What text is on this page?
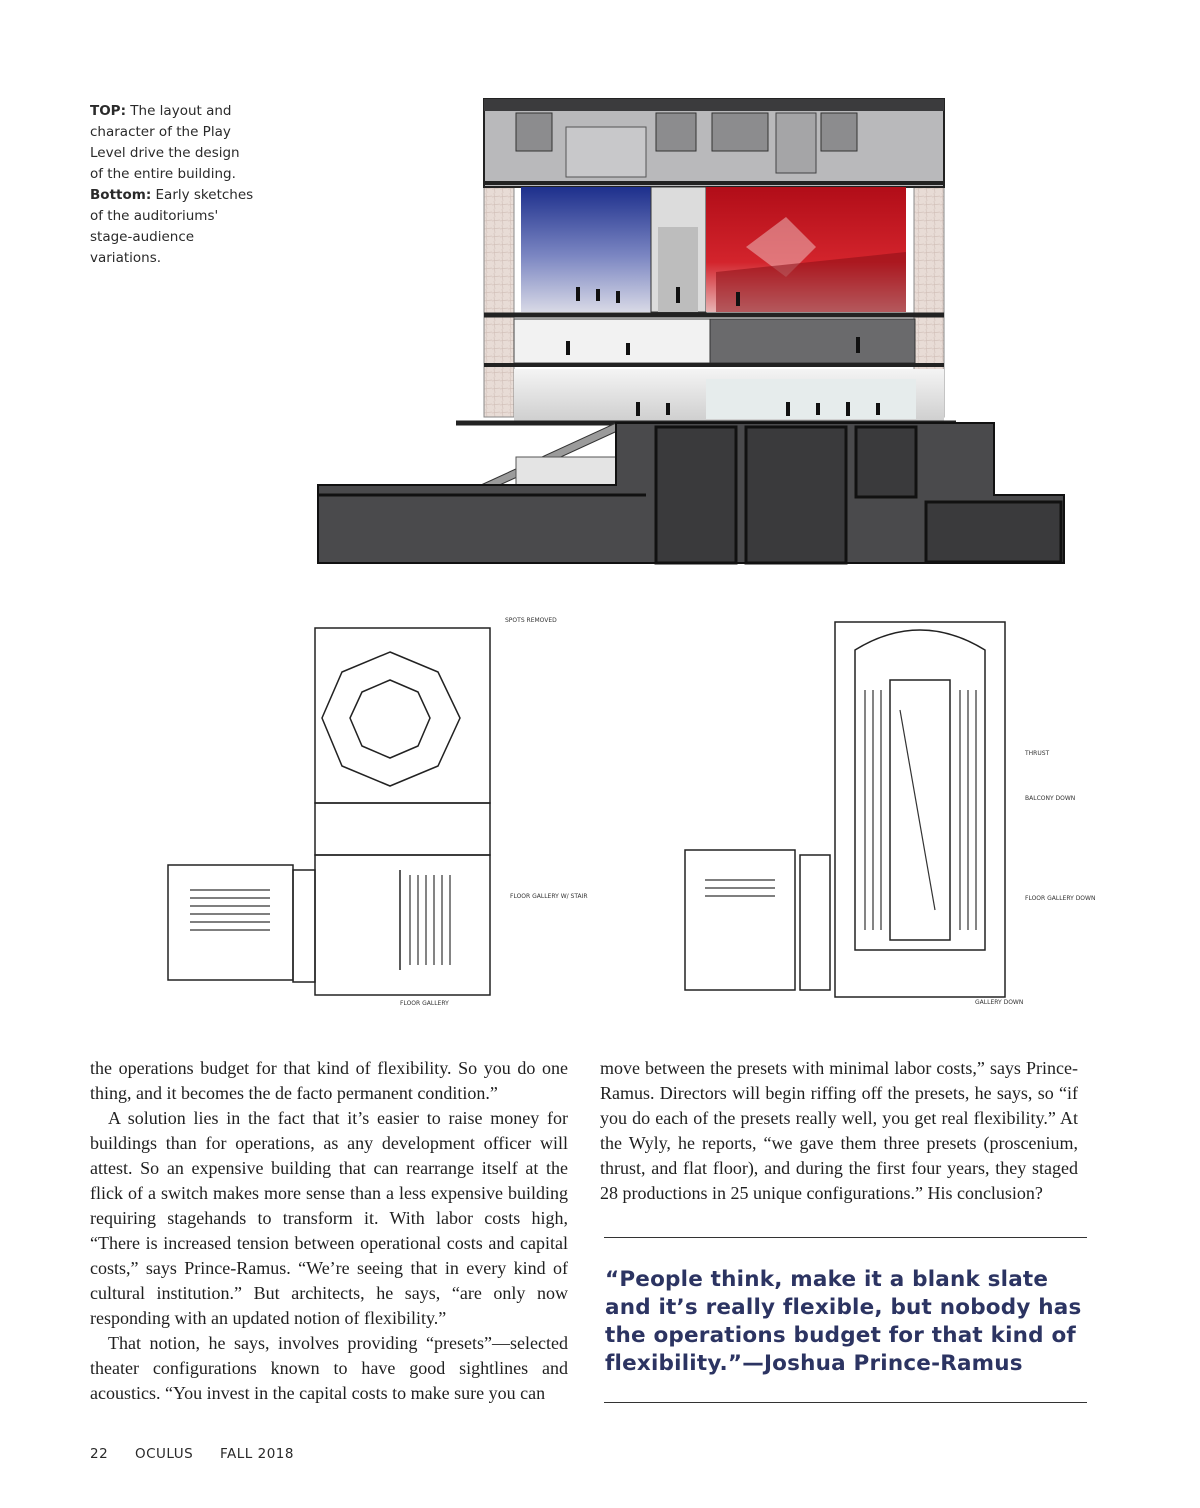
TOP: The layout and character of the Play Level drive the design of the entire building. Bottom: Early sketches of the auditoriums' stage-audience variations.
SPOTS REMOVED
FLOOR GALLERY W/ STAIR
FLOOR GALLERY
THRUST
BALCONY DOWN
FLOOR GALLERY DOWN
GALLERY DOWN

the operations budget for that kind of flexibility. So you do one thing, and it becomes the de facto permanent condition.”

A solution lies in the fact that it’s easier to raise money for buildings than for operations, as any development officer will attest. So an expensive building that can rearrange itself at the flick of a switch makes more sense than a less expensive building requiring stagehands to transform it. With labor costs high, “There is increased tension between operational costs and capital costs,” says Prince-Ramus. “We’re seeing that in every kind of cultural institution.” But architects, he says, “are only now responding with an updated notion of flexibility.”

That notion, he says, involves providing “presets”—selected theater configurations known to have good sightlines and acoustics. “You invest in the capital costs to make sure you can

move between the presets with minimal labor costs,” says Prince-Ramus. Directors will begin riffing off the presets, he says, so “if you do each of the presets really well, you get real flexibility.” At the Wyly, he reports, “we gave them three presets (proscenium, thrust, and flat floor), and during the first four years, they staged 28 productions in 25 unique configurations.” His conclusion?

“People think, make it a blank slate and it’s really flexible, but nobody has the operations budget for that kind of flexibility.”—Joshua Prince-Ramus
22 OCULUS FALL 2018
